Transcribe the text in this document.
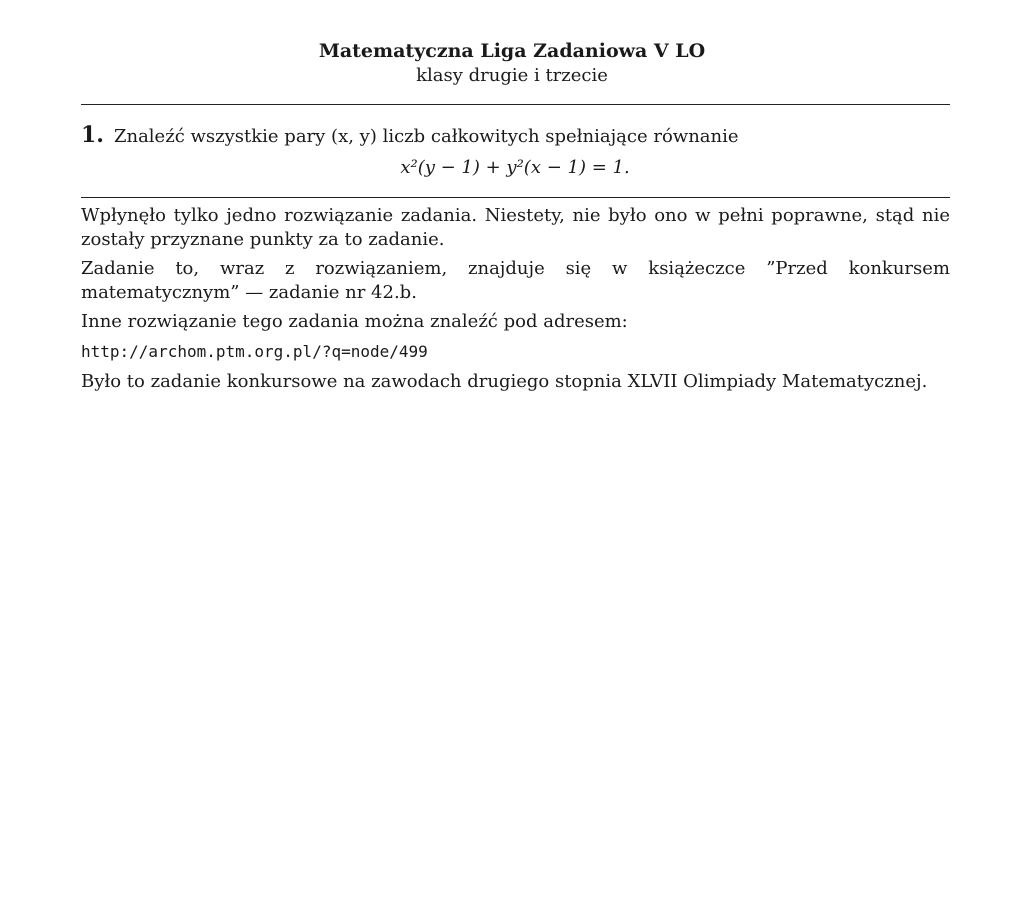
Matematyczna Liga Zadaniowa V LO
klasy drugie i trzecie
1. Znaleźć wszystkie pary (x, y) liczb całkowitych spełniające równanie
x²(y − 1) + y²(x − 1) = 1.

Wpłynęło tylko jedno rozwiązanie zadania. Niestety, nie było ono w pełni poprawne, stąd nie zostały przyznane punkty za to zadanie.

Zadanie to, wraz z rozwiązaniem, znajduje się w książeczce ”Przed konkursem matematycznym” — zadanie nr 42.b.

Inne rozwiązanie tego zadania można znaleźć pod adresem:

http://archom.ptm.org.pl/?q=node/499

Było to zadanie konkursowe na zawodach drugiego stopnia XLVII Olimpiady Matematycznej.
